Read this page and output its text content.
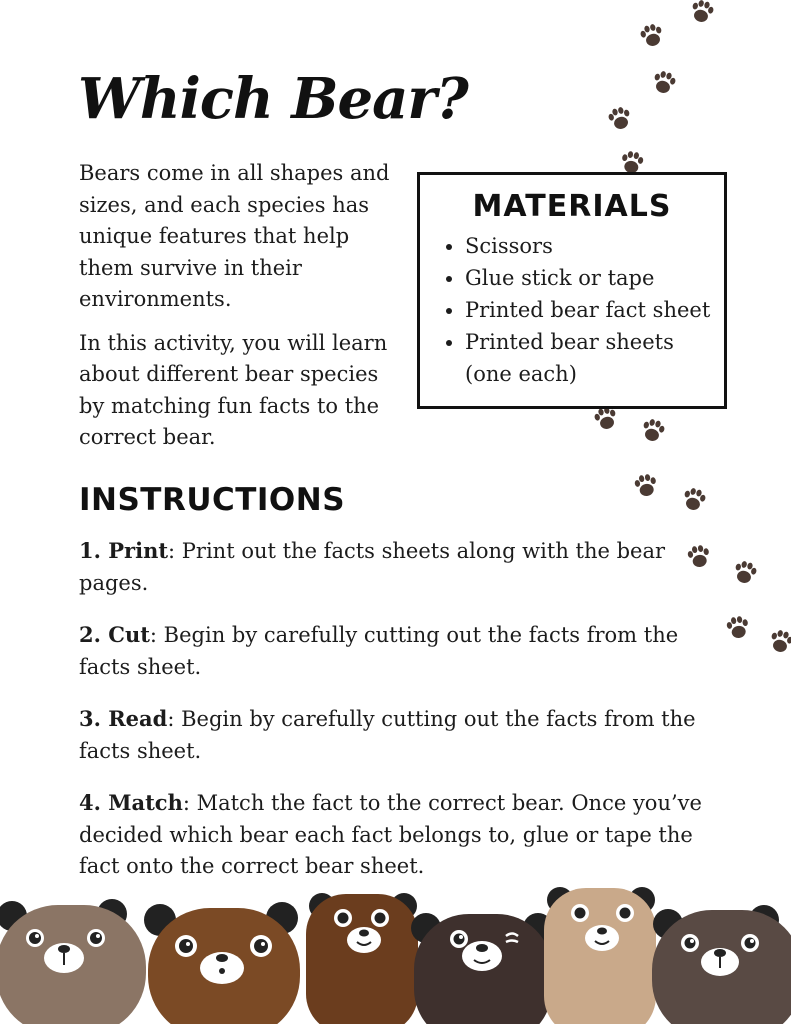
Which Bear?

Bears come in all shapes and sizes, and each species has unique features that help them survive in their environments.

In this activity, you will learn about different bear species by matching fun facts to the correct bear.

MATERIALS
• Scissors
• Glue stick or tape
• Printed bear fact sheet
• Printed bear sheets (one each)
INSTRUCTIONS

1. Print: Print out the facts sheets along with the bear pages.

2. Cut: Begin by carefully cutting out the facts from the facts sheet.

3. Read: Begin by carefully cutting out the facts from the facts sheet.

4. Match: Match the fact to the correct bear. Once you’ve decided which bear each fact belongs to, glue or tape the fact onto the correct bear sheet.
